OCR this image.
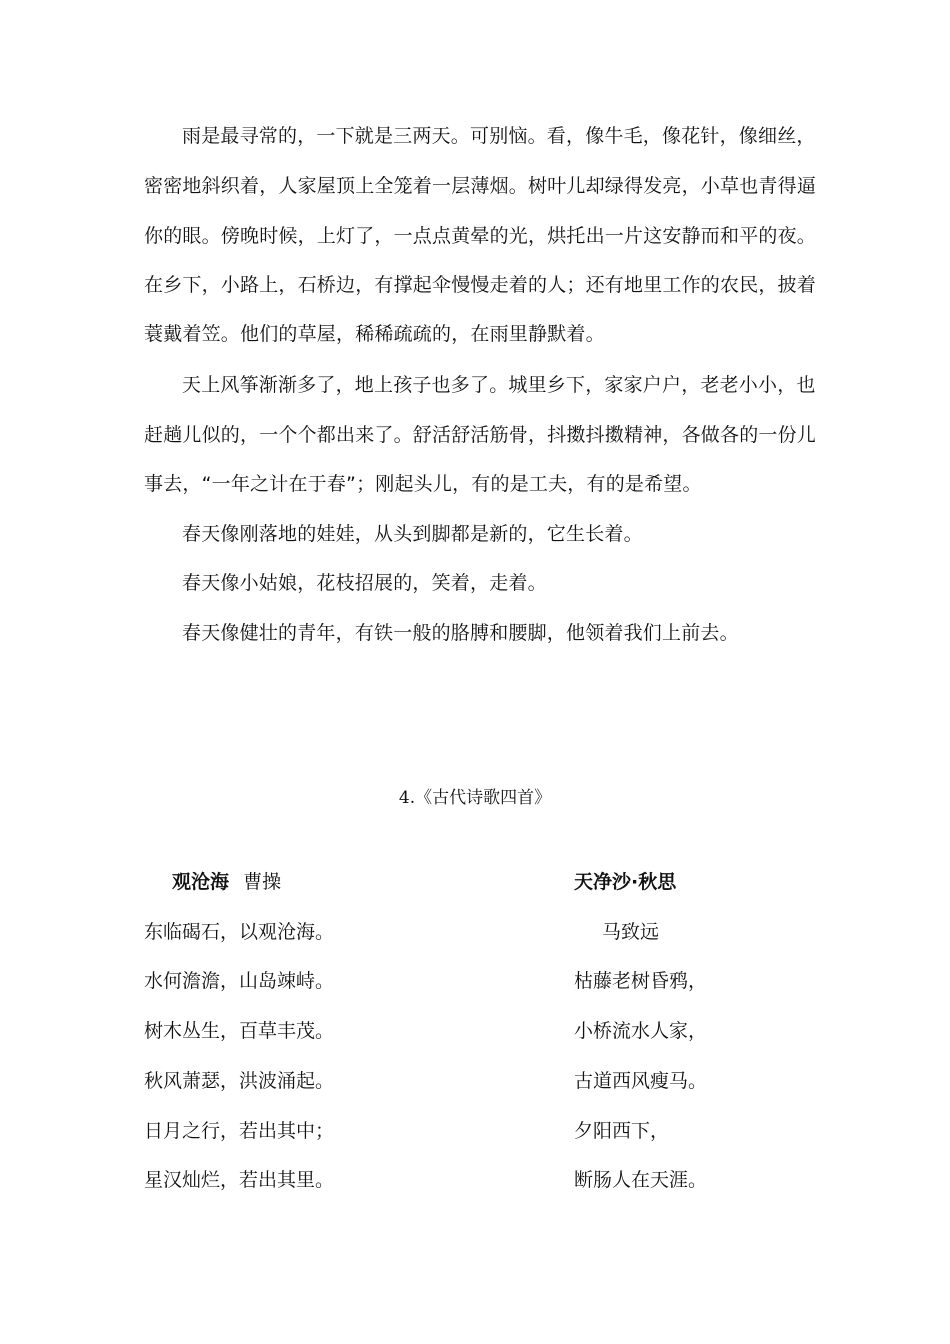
雨是最寻常的，一下就是三两天。可别恼。看，像牛毛，像花针，像细丝，
密密地斜织着，人家屋顶上全笼着一层薄烟。树叶儿却绿得发亮，小草也青得逼
你的眼。傍晚时候，上灯了，一点点黄晕的光，烘托出一片这安静而和平的夜。
在乡下，小路上，石桥边，有撑起伞慢慢走着的人；还有地里工作的农民，披着
蓑戴着笠。他们的草屋，稀稀疏疏的，在雨里静默着。
天上风筝渐渐多了，地上孩子也多了。城里乡下，家家户户，老老小小，也
赶趟儿似的，一个个都出来了。舒活舒活筋骨，抖擞抖擞精神，各做各的一份儿
事去，“一年之计在于春”；刚起头儿，有的是工夫，有的是希望。
春天像刚落地的娃娃，从头到脚都是新的，它生长着。
春天像小姑娘，花枝招展的，笑着，走着。
春天像健壮的青年，有铁一般的胳膊和腰脚，他领着我们上前去。
4.《古代诗歌四首》
观沧海 曹操
东临碣石，以观沧海。
水何澹澹，山岛竦峙。
树木丛生，百草丰茂。
秋风萧瑟，洪波涌起。
日月之行，若出其中；
星汉灿烂，若出其里。
天净沙·秋思
马致远
枯藤老树昏鸦，
小桥流水人家，
古道西风瘦马。
夕阳西下，
断肠人在天涯。
